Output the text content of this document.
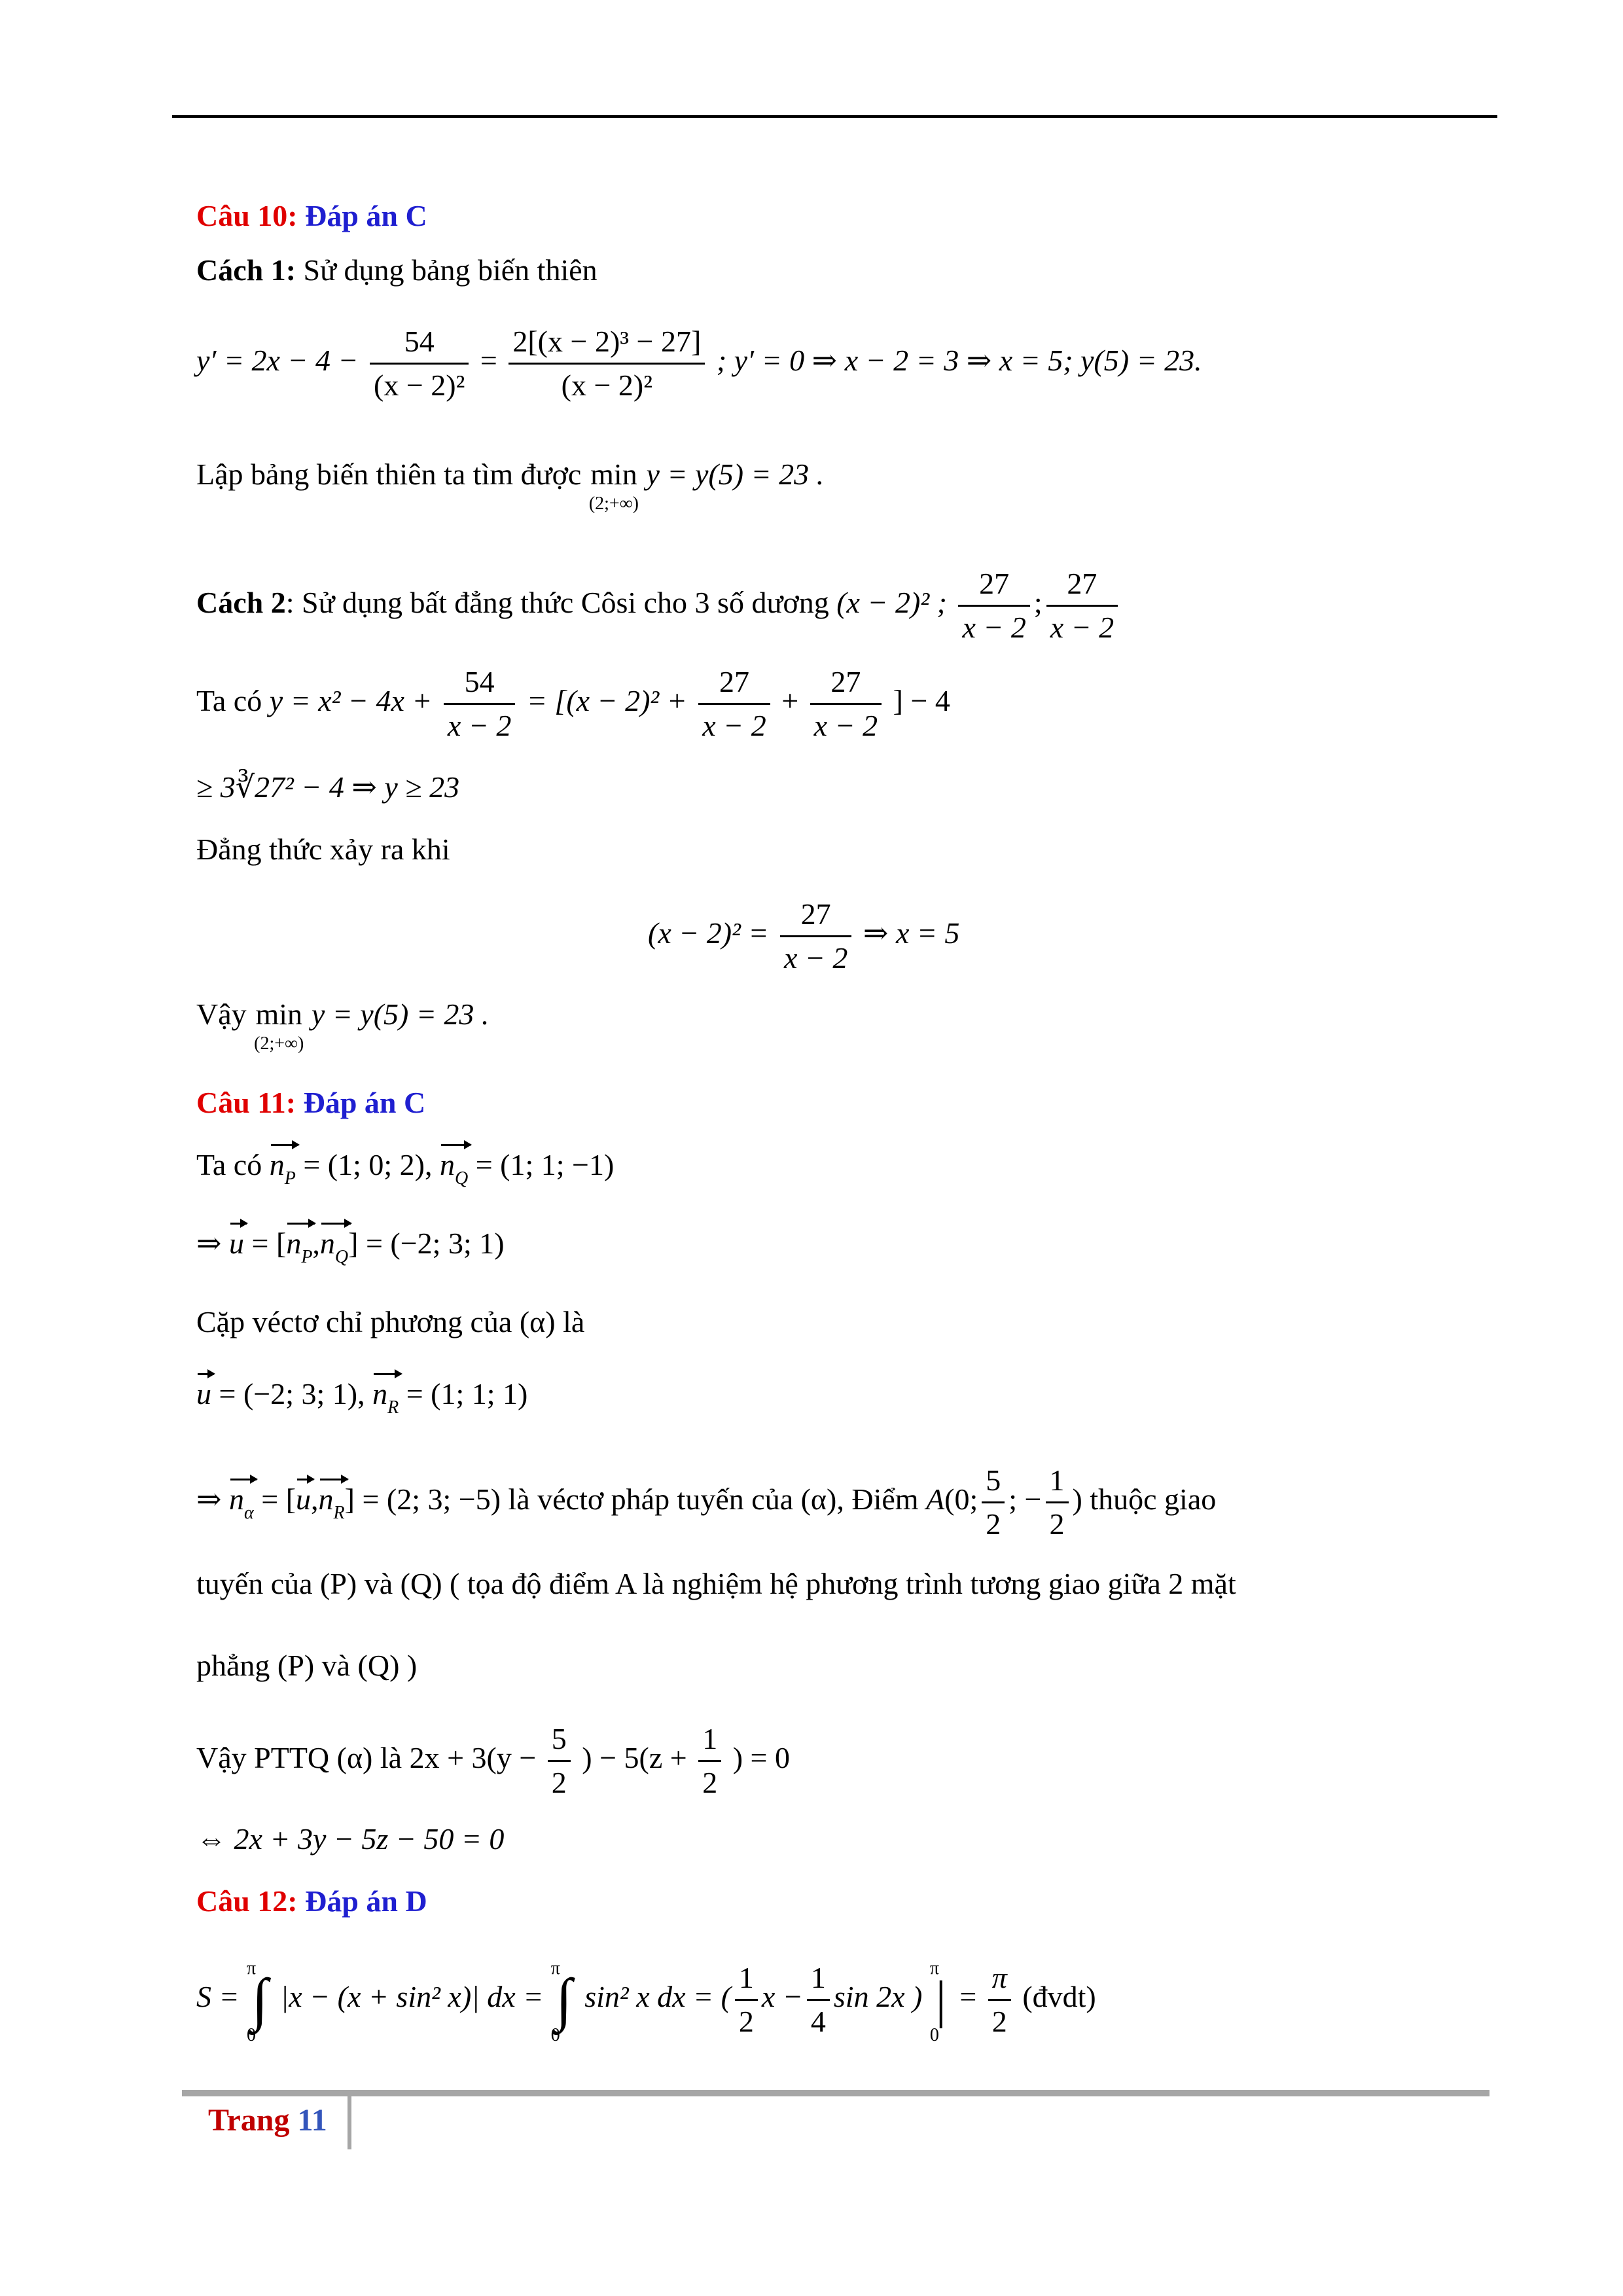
Câu 10: Đáp án C
Cách 1: Sử dụng bảng biến thiên
$y' = 2x - 4 - \frac{54}{\text{(x − 2)²}} = \frac{\text{2[(x − 2)³ − 27]}}{\text{(x − 2)²}}$ ; y′ = 0 ⇒ x − 2 = 3 ⇒ x = 5; y(5) = 23.
Lập bảng biến thiên ta tìm được min
(2;+∞)
y = y(5) = 23 .
Cách 2: Sử dụng bất đẳng thức Côsi cho 3 số dương (x − 2)² ; $\frac{27}{x - 2}$ ; $\frac{27}{x - 2}$
Ta có $y = x^2 - 4x + \frac{54}{x - 2} = [(x - 2)^2 + \frac{27}{x - 2} + \frac{27}{x - 2}$ ] − 4
≥ 3∛27² − 4 ⇒ y ≥ 23
Đẳng thức xảy ra khi
$(x - 2)^2 = \frac{27}{x - 2}$ ⇒ x = 5
Vậy min
(2;+∞)
y = y(5) = 23 .
Câu 11: Đáp án C
Ta có $n_P = (1$; 0; 2), $n_Q = (1$; 1; −1)
⇒ $u = [n_P,n_Q] = (-2$; 3; 1)
Cặp véctơ chỉ phương của (α) là
u = (−2; 3; 1), $n_R = (1$; 1; 1)
⇒ $n_\alpha = [u,n_R] = (2$; 3; −5) là véctơ pháp tuyến của (α), Điểm A(0; $\frac{5}{2}$ ; − $\frac{1}{2}$ ) thuộc giao
tuyến của (P) và (Q) ( tọa độ điểm A là nghiệm hệ phương trình tương giao giữa 2 mặt
phẳng (P) và (Q) )
Vậy PTTQ (α) là $2x + 3(y - \frac{5}{2}$ ) − $5(z + \frac{1}{2}$ ) = 0
⇔ 2x + 3y − 5z − 50 = 0
Câu 12: Đáp án D
S =
π
∫
0
|x − (x + sin² x)| dx =
π
∫
0
sin² x dx = ( $\frac{1}{2}$ $x - \frac{1}{4}$ sin 2x )
π
|
0
= $\frac{\pi}{2}$ (đvdt)
Trang 11
